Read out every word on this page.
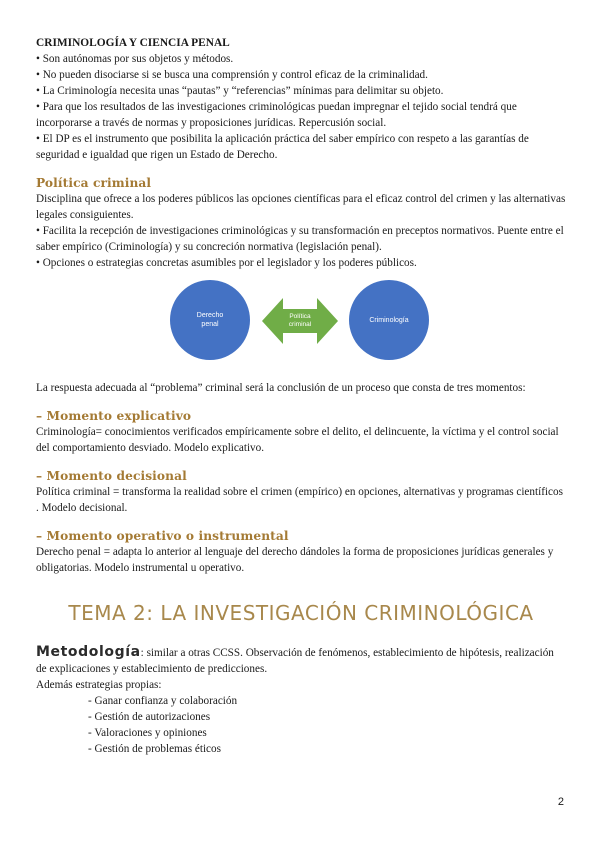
CRIMINOLOGÍA Y CIENCIA PENAL

• Son autónomas por sus objetos y métodos.

• No pueden disociarse si se busca una comprensión y control eficaz de la criminalidad.

• La Criminología necesita unas “pautas” y “referencias” mínimas para delimitar su objeto.

• Para que los resultados de las investigaciones criminológicas puedan impregnar el tejido social tendrá que incorporarse a través de normas y proposiciones jurídicas. Repercusión social.

• El DP es el instrumento que posibilita la aplicación práctica del saber empírico con respeto a las garantías de seguridad e igualdad que rigen un Estado de Derecho.

Política criminal

Disciplina que ofrece a los poderes públicos las opciones científicas para el eficaz control del crimen y las alternativas legales consiguientes.

• Facilita la recepción de investigaciones criminológicas y su transformación en preceptos normativos. Puente entre el saber empírico (Criminología) y su concreción normativa (legislación penal).

• Opciones o estrategias concretas asumibles por el legislador y los poderes públicos.

Derecho penal
Política criminal
Criminología

La respuesta adecuada al “problema” criminal será la conclusión de un proceso que consta de tres momentos:

– Momento explicativo

Criminología= conocimientos verificados empíricamente sobre el delito, el delincuente, la víctima y el control social del comportamiento desviado. Modelo explicativo.

– Momento decisional

Política criminal = transforma la realidad sobre el crimen (empírico) en opciones, alternativas y programas científicos . Modelo decisional.

– Momento operativo o instrumental

Derecho penal = adapta lo anterior al lenguaje del derecho dándoles la forma de proposiciones jurídicas generales y obligatorias. Modelo instrumental u operativo.

TEMA 2: LA INVESTIGACIÓN CRIMINOLÓGICA

Metodología: similar a otras CCSS. Observación de fenómenos, establecimiento de hipótesis, realización de explicaciones y establecimiento de predicciones.

Además estrategias propias:

- Ganar confianza y colaboración
- Gestión de autorizaciones
- Valoraciones y opiniones
- Gestión de problemas éticos
2
